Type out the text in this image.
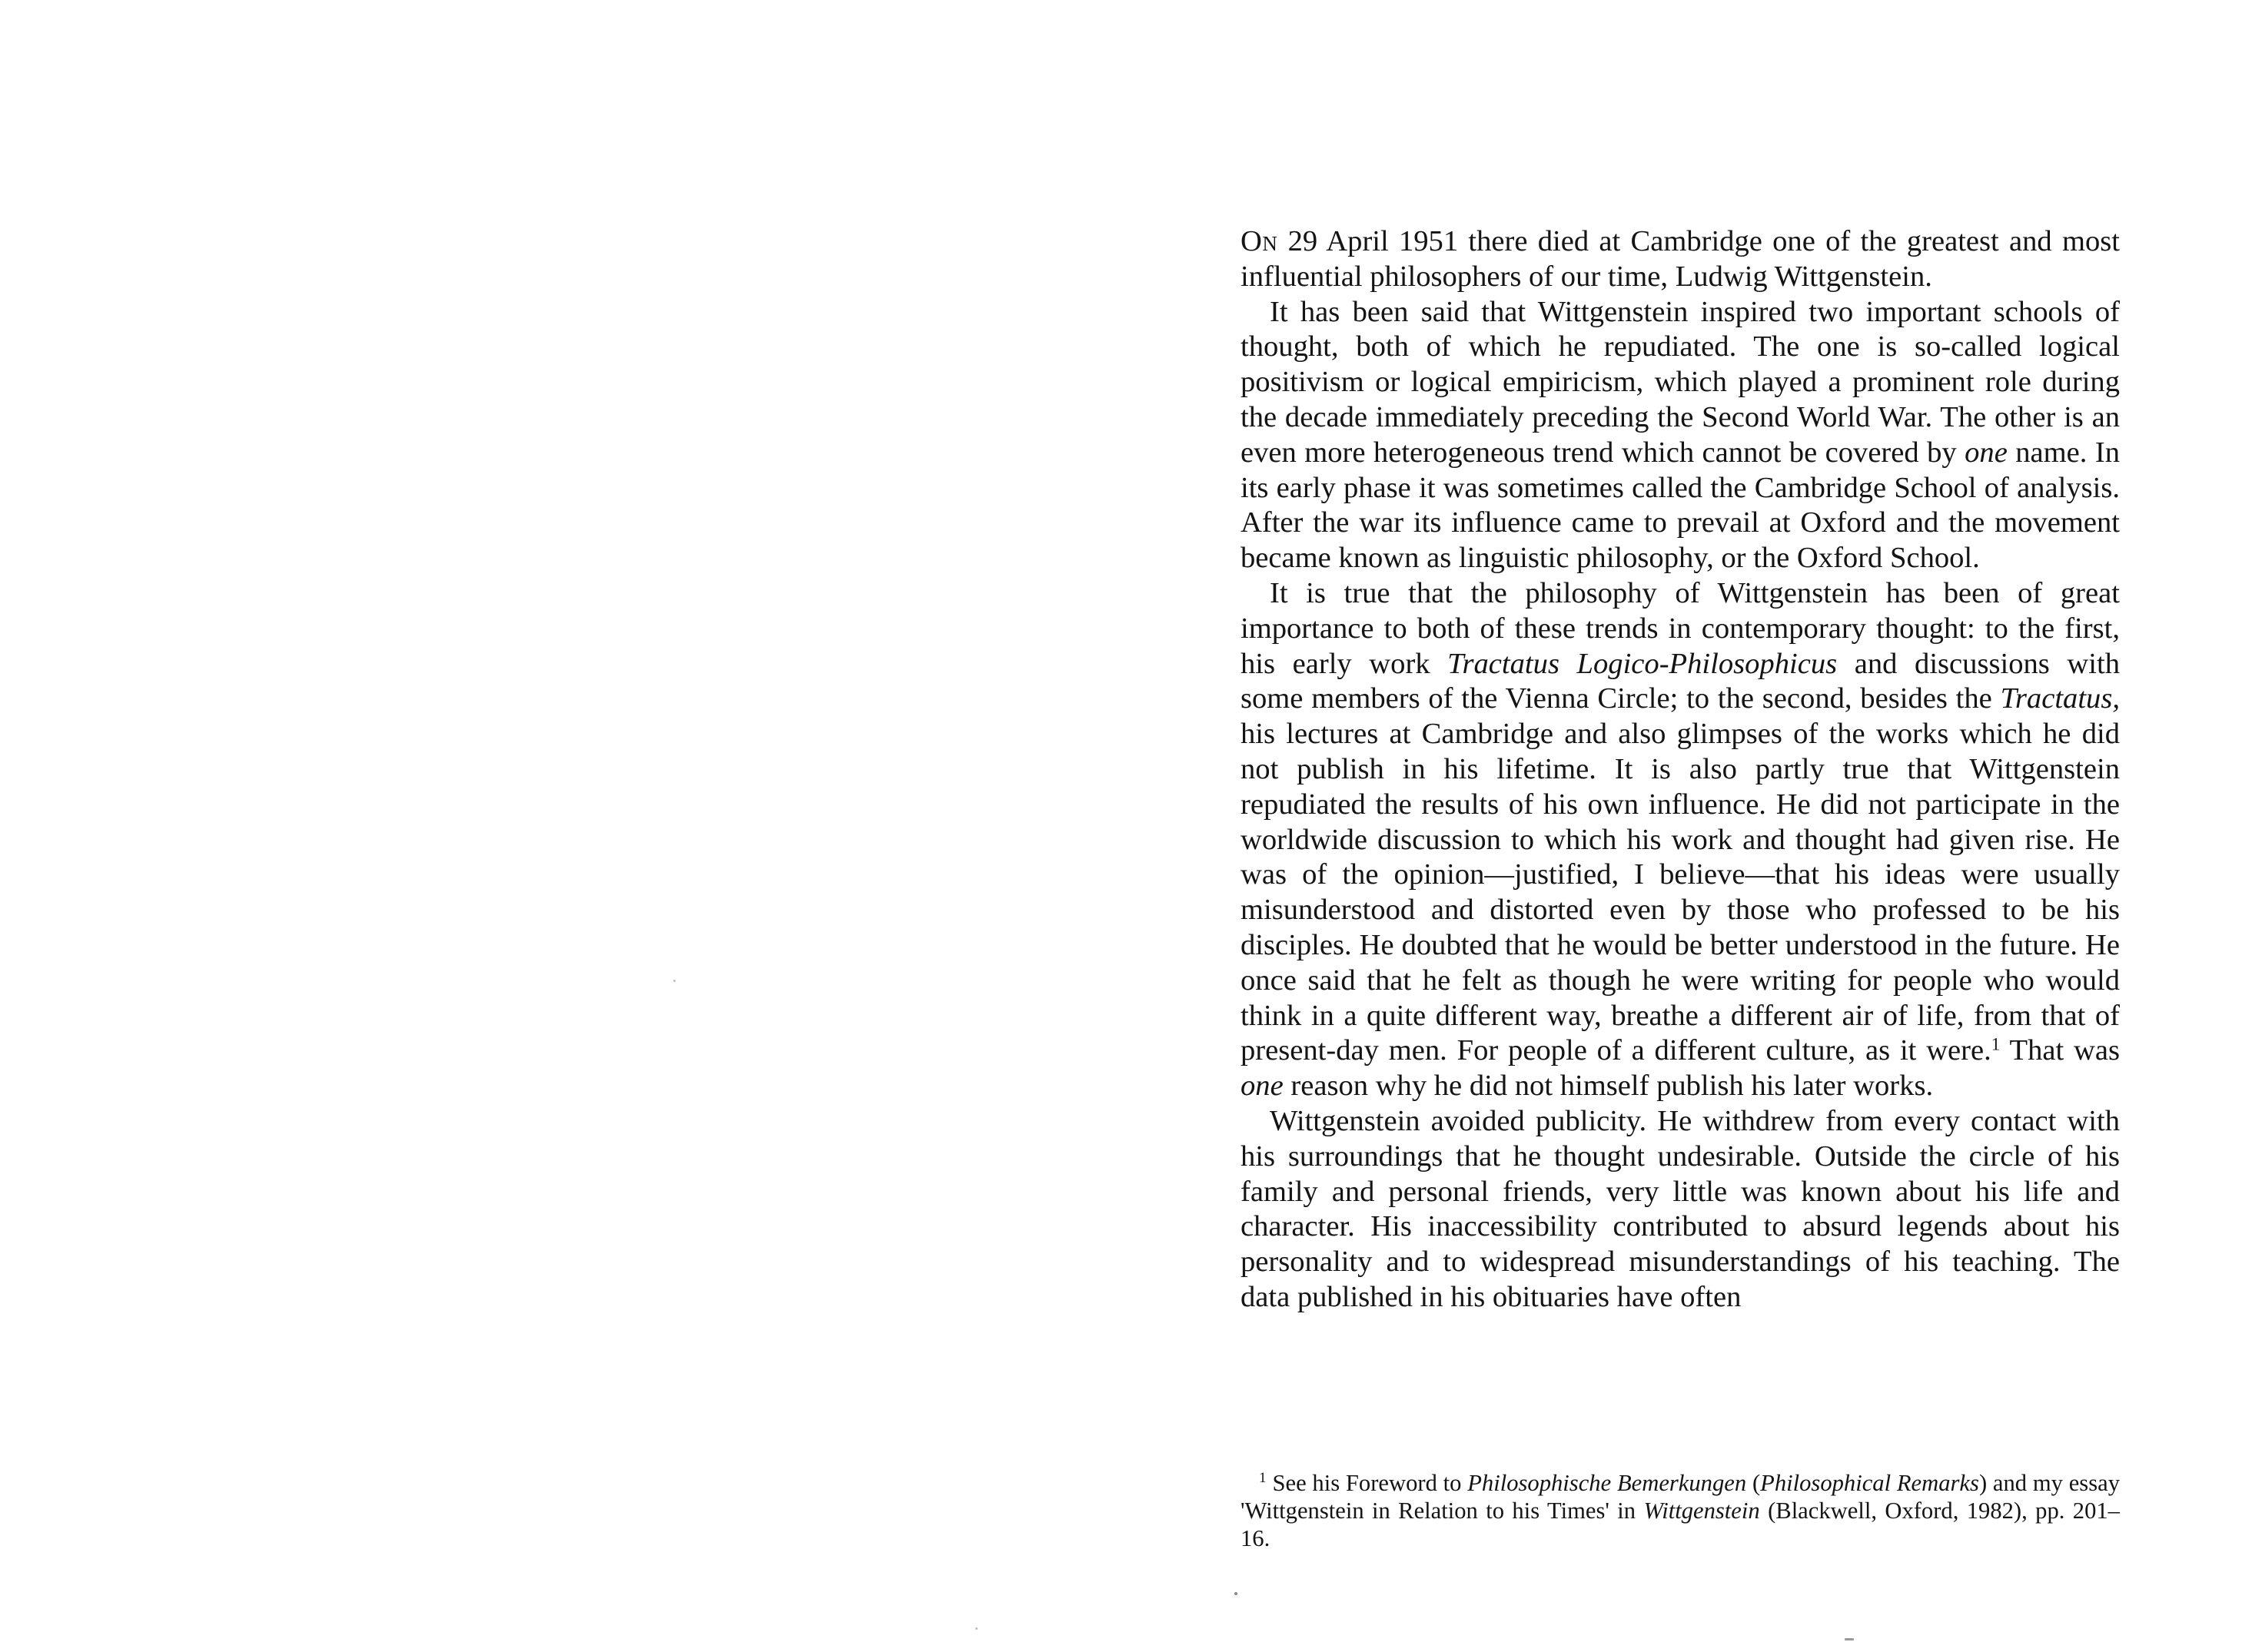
On 29 April 1951 there died at Cambridge one of the greatest and most influential philosophers of our time, Ludwig Wittgenstein.

It has been said that Wittgenstein inspired two important schools of thought, both of which he repudiated. The one is so-called logical positivism or logical empiricism, which played a prominent role during the decade immediately preceding the Second World War. The other is an even more heterogeneous trend which cannot be covered by one name. In its early phase it was sometimes called the Cambridge School of analysis. After the war its influence came to prevail at Oxford and the movement became known as linguistic philosophy, or the Oxford School.

It is true that the philosophy of Wittgenstein has been of great importance to both of these trends in contemporary thought: to the first, his early work Tractatus Logico-Philosophicus and discussions with some members of the Vienna Circle; to the second, besides the Tractatus, his lectures at Cambridge and also glimpses of the works which he did not publish in his lifetime. It is also partly true that Wittgenstein repudiated the results of his own influence. He did not participate in the worldwide discussion to which his work and thought had given rise. He was of the opinion—justified, I believe—that his ideas were usually misunderstood and distorted even by those who professed to be his disciples. He doubted that he would be better understood in the future. He once said that he felt as though he were writing for people who would think in a quite different way, breathe a different air of life, from that of present-day men. For people of a different culture, as it were.$^1$ That was one reason why he did not himself publish his later works.

Wittgenstein avoided publicity. He withdrew from every contact with his surroundings that he thought undesirable. Outside the circle of his family and personal friends, very little was known about his life and character. His inaccessibility contributed to absurd legends about his personality and to widespread misunderstandings of his teaching. The data published in his obituaries have often

$^1$ See his Foreword to Philosophische Bemerkungen (Philosophical Remarks) and my essay 'Wittgenstein in Relation to his Times' in Wittgenstein (Blackwell, Oxford, 1982), pp. 201–16.
